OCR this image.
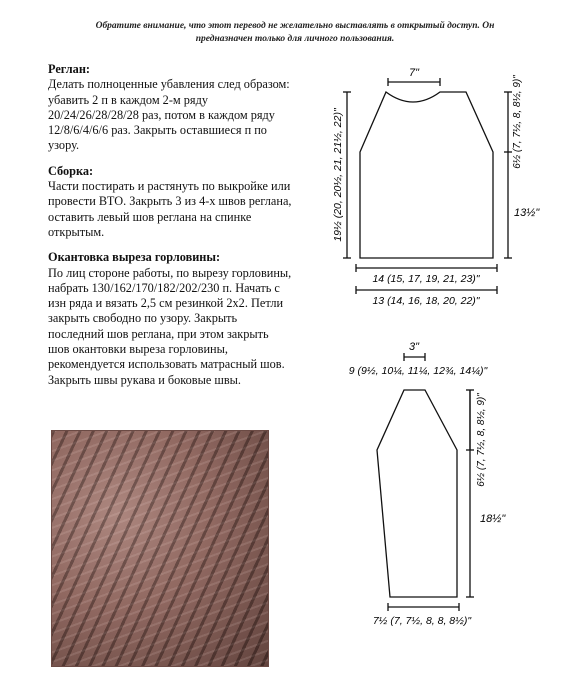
Обратите внимание, что этот перевод не желательно выставлять в открытый доступ. Он
предназначен только для личного пользования.
Реглан:

Делать полноценные убавления след образом: убавить 2 п в каждом 2-м ряду 20/24/26/28/28/28 раз, потом в каждом ряду 12/8/6/4/6/6 раз. Закрыть оставшиеся п по узору.

Сборка:

Части постирать и растянуть по выкройке или провести ВТО. Закрыть 3 из 4-х швов реглана, оставить левый шов реглана на спинке открытым.

Окантовка выреза горловины:

По лиц стороне работы, по вырезу горловины, набрать 130/162/170/182/202/230 п. Начать с изн ряда и вязать 2,5 см резинкой 2х2. Петли закрыть свободно по узору. Закрыть последний шов реглана, при этом закрыть шов окантовки выреза горловины, рекомендуется использовать матрасный шов. Закрыть швы рукава и боковые швы.

7"
19½ (20, 20½, 21, 21½, 22)"	6½ (7, 7½, 8, 8½, 9)"
13½"
14 (15, 17, 19, 21, 23)"
13 (14, 16, 18, 20, 22)"
3"
9 (9½, 10¼, 11¼, 12¾, 14¼)"
6½ (7, 7½, 8, 8½, 9)"
18½"
7½ (7, 7½, 8, 8, 8½)"
